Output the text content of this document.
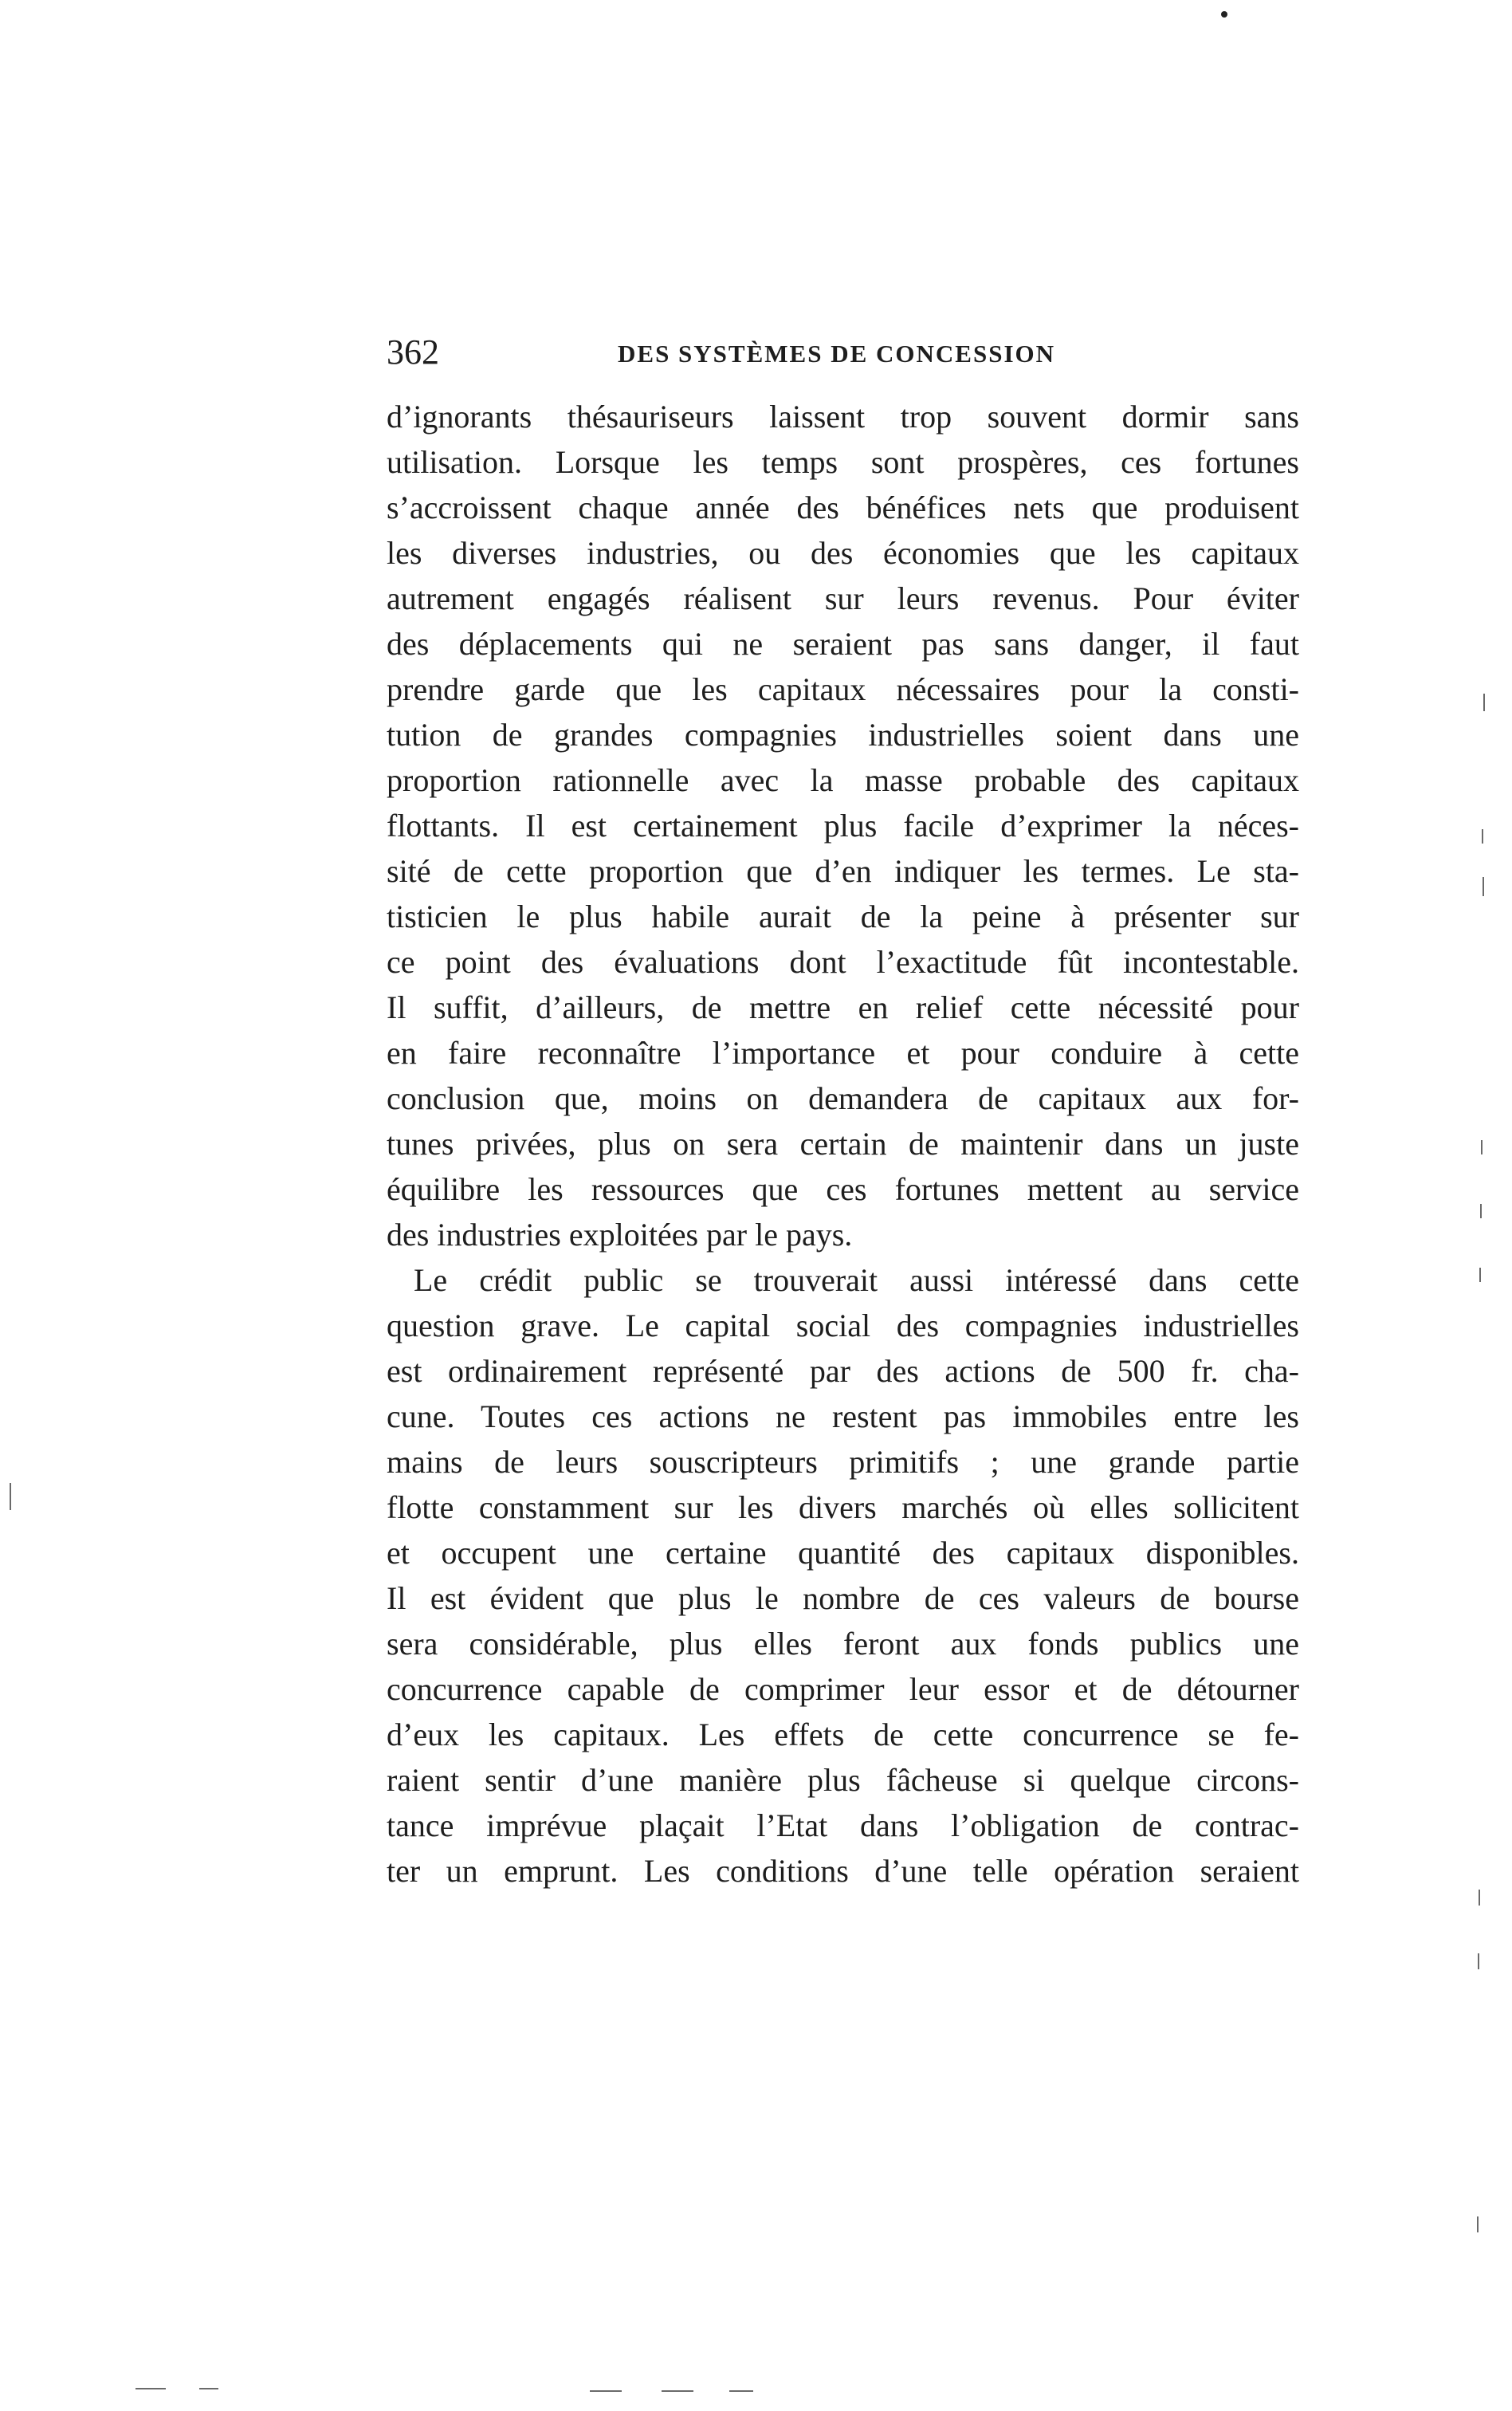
362	DES SYSTÈMES DE CONCESSION
d’ignorants thésauriseurs laissent trop souvent dormir sans
utilisation. Lorsque les temps sont prospères, ces fortunes
s’accroissent chaque année des bénéfices nets que produisent
les diverses industries, ou des économies que les capitaux
autrement engagés réalisent sur leurs revenus. Pour éviter
des déplacements qui ne seraient pas sans danger, il faut
prendre garde que les capitaux nécessaires pour la consti-
tution de grandes compagnies industrielles soient dans une
proportion rationnelle avec la masse probable des capitaux
flottants. Il est certainement plus facile d’exprimer la néces-
sité de cette proportion que d’en indiquer les termes. Le sta-
tisticien le plus habile aurait de la peine à présenter sur
ce point des évaluations dont l’exactitude fût incontestable.
Il suffit, d’ailleurs, de mettre en relief cette nécessité pour
en faire reconnaître l’importance et pour conduire à cette
conclusion que, moins on demandera de capitaux aux for-
tunes privées, plus on sera certain de maintenir dans un juste
équilibre les ressources que ces fortunes mettent au service
des industries exploitées par le pays.
Le crédit public se trouverait aussi intéressé dans cette
question grave. Le capital social des compagnies industrielles
est ordinairement représenté par des actions de 500 fr. cha-
cune. Toutes ces actions ne restent pas immobiles entre les
mains de leurs souscripteurs primitifs ; une grande partie
flotte constamment sur les divers marchés où elles sollicitent
et occupent une certaine quantité des capitaux disponibles.
Il est évident que plus le nombre de ces valeurs de bourse
sera considérable, plus elles feront aux fonds publics une
concurrence capable de comprimer leur essor et de détourner
d’eux les capitaux. Les effets de cette concurrence se fe-
raient sentir d’une manière plus fâcheuse si quelque circons-
tance imprévue plaçait l’Etat dans l’obligation de contrac-
ter un emprunt. Les conditions d’une telle opération seraient
